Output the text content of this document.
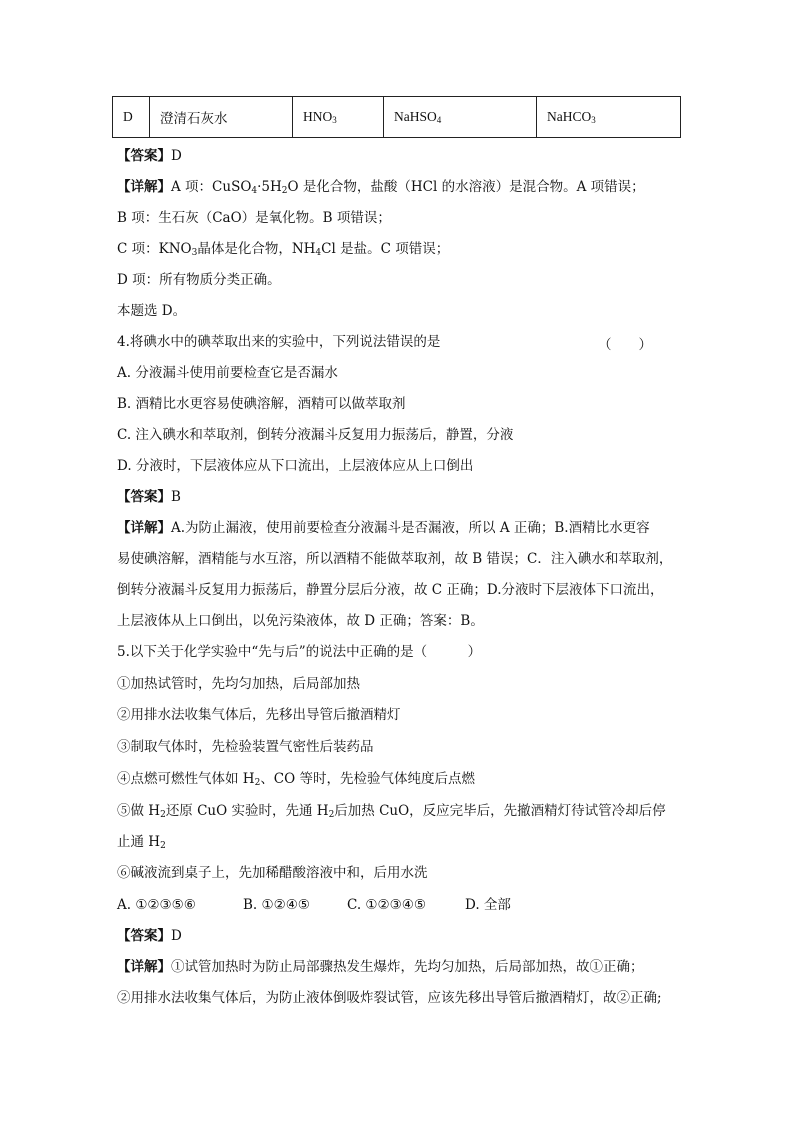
D	澄清石灰水	$HNO_3$	NaHSO$_4$	NaHCO$_3$
【答案】D
【详解】A 项：$CuSO_4\cdot 5H_2O$ 是化合物，盐酸（HCl 的水溶液）是混合物。A 项错误；
B 项：生石灰（CaO）是氧化物。B 项错误；
C 项：$KNO_3$晶体是化合物，$NH_4Cl$ 是盐。C 项错误；
D 项：所有物质分类正确。
本题选 D。
4.将碘水中的碘萃取出来的实验中，下列说法错误的是	（　　）
A. 分液漏斗使用前要检查它是否漏水
B. 酒精比水更容易使碘溶解，酒精可以做萃取剂
C. 注入碘水和萃取剂，倒转分液漏斗反复用力振荡后，静置，分液
D. 分液时，下层液体应从下口流出，上层液体应从上口倒出
【答案】B
【详解】A.为防止漏液，使用前要检查分液漏斗是否漏液，所以 A 正确；B.酒精比水更容
易使碘溶解，酒精能与水互溶，所以酒精不能做萃取剂，故 B 错误；C．注入碘水和萃取剂，
倒转分液漏斗反复用力振荡后，静置分层后分液，故 C 正确；D.分液时下层液体下口流出，
上层液体从上口倒出，以免污染液体，故 D 正确；答案：B。
5.以下关于化学实验中“先与后”的说法中正确的是（　　　）
①加热试管时，先均匀加热，后局部加热
②用排水法收集气体后，先移出导管后撤酒精灯
③制取气体时，先检验装置气密性后装药品
④点燃可燃性气体如 $H_2$、CO 等时，先检验气体纯度后点燃
⑤做 $H_2$还原 CuO 实验时，先通 $H_2$后加热 CuO，反应完毕后，先撤酒精灯待试管冷却后停
止通 $H_2$
⑥碱液流到桌子上，先加稀醋酸溶液中和，后用水洗
A. ①②③⑤⑥	B. ①②④⑤	C. ①②③④⑤	D. 全部
【答案】D
【详解】①试管加热时为防止局部骤热发生爆炸，先均匀加热，后局部加热，故①正确；
②用排水法收集气体后，为防止液体倒吸炸裂试管，应该先移出导管后撤酒精灯，故②正确;
